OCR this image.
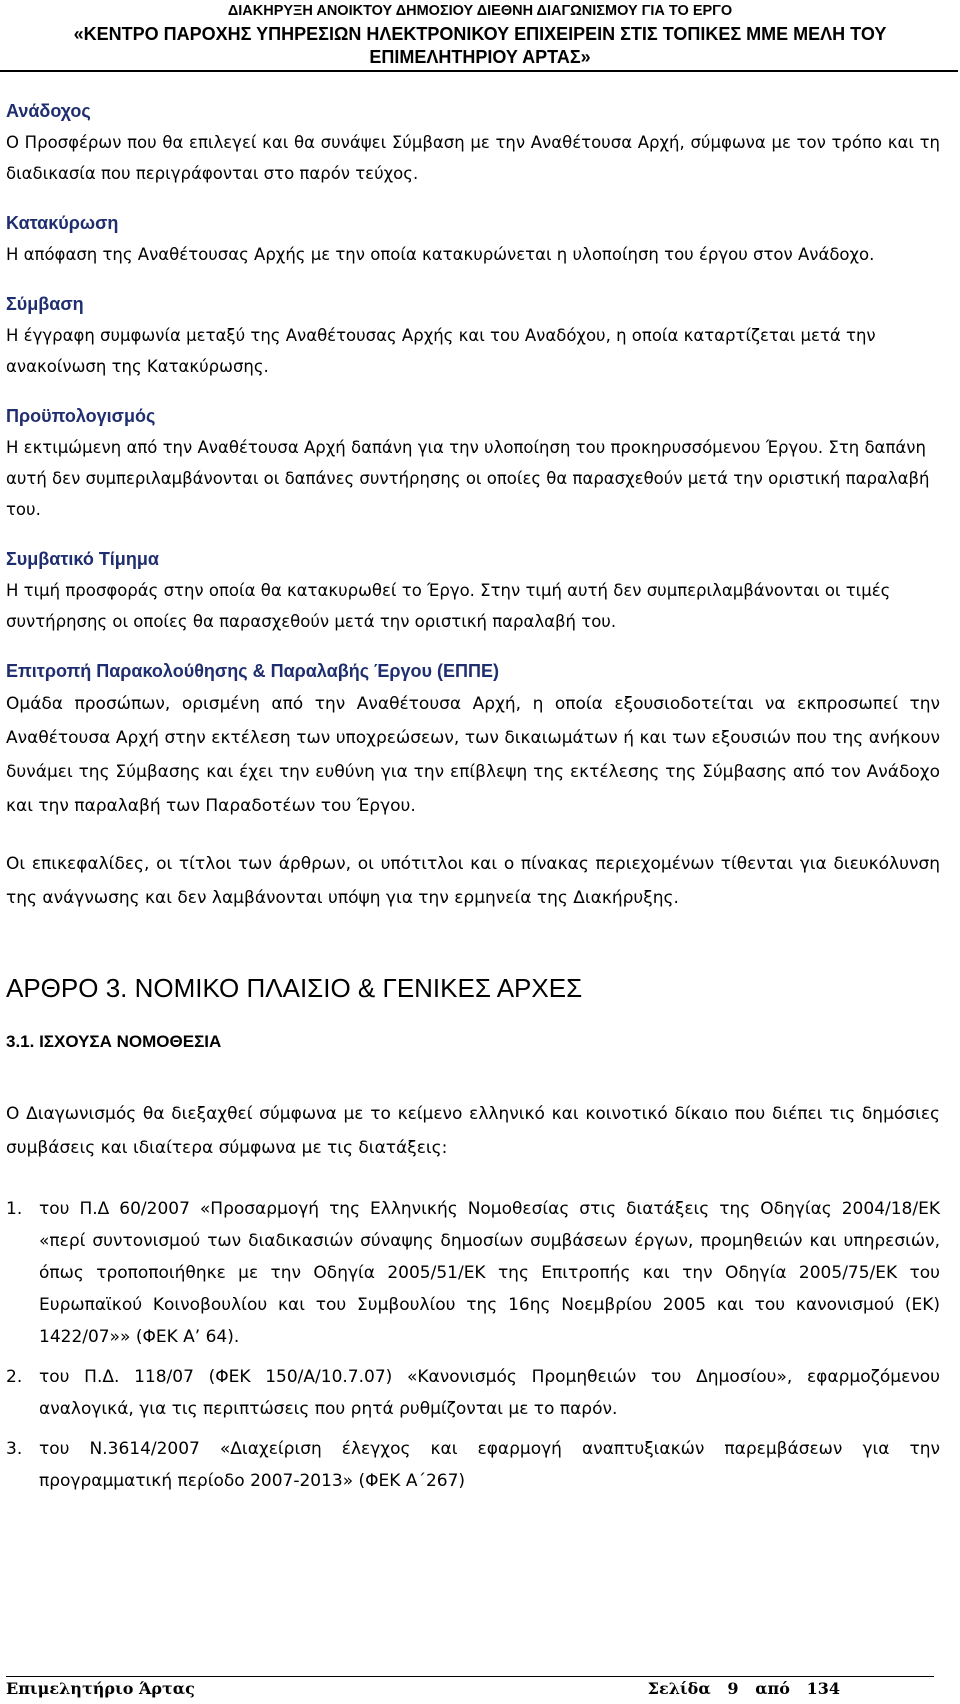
ΔΙΑΚΗΡΥΞΗ ΑΝΟΙΚΤΟΥ ΔΗΜΟΣΙΟΥ ΔΙΕΘΝΗ ΔΙΑΓΩΝΙΣΜΟΥ ΓΙΑ ΤΟ ΕΡΓΟ
«ΚΕΝΤΡΟ ΠΑΡΟΧΗΣ ΥΠΗΡΕΣΙΩΝ ΗΛΕΚΤΡΟΝΙΚΟΥ ΕΠΙΧΕΙΡΕΙΝ ΣΤΙΣ ΤΟΠΙΚΕΣ ΜΜΕ ΜΕΛΗ ΤΟΥ
ΕΠΙΜΕΛΗΤΗΡΙΟΥ ΑΡΤΑΣ»
Ανάδοχος
Ο Προσφέρων που θα επιλεγεί και θα συνάψει Σύμβαση με την Αναθέτουσα Αρχή, σύμφωνα με τον τρόπο και τη διαδικασία που περιγράφονται στο παρόν τεύχος.
Κατακύρωση
Η απόφαση της Αναθέτουσας Αρχής με την οποία κατακυρώνεται η υλοποίηση του έργου στον Ανάδοχο.
Σύμβαση
Η έγγραφη συμφωνία μεταξύ της Αναθέτουσας Αρχής και του Αναδόχου, η οποία καταρτίζεται μετά την ανακοίνωση της Κατακύρωσης.
Προϋπολογισμός
Η εκτιμώμενη από την Αναθέτουσα Αρχή δαπάνη για την υλοποίηση του προκηρυσσόμενου Έργου. Στη δαπάνη αυτή δεν συμπεριλαμβάνονται οι δαπάνες συντήρησης οι οποίες θα παρασχεθούν μετά την οριστική παραλαβή του.
Συμβατικό Τίμημα
Η τιμή προσφοράς στην οποία θα κατακυρωθεί το Έργο. Στην τιμή αυτή δεν συμπεριλαμβάνονται οι τιμές συντήρησης οι οποίες θα παρασχεθούν μετά την οριστική παραλαβή του.
Επιτροπή Παρακολούθησης & Παραλαβής Έργου (ΕΠΠΕ)
Ομάδα προσώπων, ορισμένη από την Αναθέτουσα Αρχή, η οποία εξουσιοδοτείται να εκπροσωπεί την Αναθέτουσα Αρχή στην εκτέλεση των υποχρεώσεων, των δικαιωμάτων ή και των εξουσιών που της ανήκουν δυνάμει της Σύμβασης και έχει την ευθύνη για την επίβλεψη της εκτέλεσης της Σύμβασης από τον Ανάδοχο και την παραλαβή των Παραδοτέων του Έργου.
Οι επικεφαλίδες, οι τίτλοι των άρθρων, οι υπότιτλοι και ο πίνακας περιεχομένων τίθενται για διευκόλυνση της ανάγνωσης και δεν λαμβάνονται υπόψη για την ερμηνεία της Διακήρυξης.
ΑΡΘΡΟ 3. ΝΟΜΙΚΟ ΠΛΑΙΣΙΟ & ΓΕΝΙΚΕΣ ΑΡΧΕΣ
3.1. ΙΣΧΟΥΣΑ ΝΟΜΟΘΕΣΙΑ
Ο Διαγωνισμός θα διεξαχθεί σύμφωνα με το κείμενο ελληνικό και κοινοτικό δίκαιο που διέπει τις δημόσιες συμβάσεις και ιδιαίτερα σύμφωνα με τις διατάξεις:
1. του Π.Δ 60/2007 «Προσαρμογή της Ελληνικής Νομοθεσίας στις διατάξεις της Οδηγίας 2004/18/ΕΚ «περί συντονισμού των διαδικασιών σύναψης δημοσίων συμβάσεων έργων, προμηθειών και υπηρεσιών, όπως τροποποιήθηκε με την Οδηγία 2005/51/ΕΚ της Επιτροπής και την Οδηγία 2005/75/ΕΚ του Ευρωπαϊκού Κοινοβουλίου και του Συμβουλίου της 16ης Νοεμβρίου 2005 και του κανονισμού (ΕΚ) 1422/07»» (ΦΕΚ Α’ 64).
2. του Π.Δ. 118/07 (ΦΕΚ 150/Α/10.7.07) «Κανονισμός Προμηθειών του Δημοσίου», εφαρμοζόμενου αναλογικά, για τις περιπτώσεις που ρητά ρυθμίζονται με το παρόν.
3. του Ν.3614/2007 «Διαχείριση έλεγχος και εφαρμογή αναπτυξιακών παρεμβάσεων για την προγραμματική περίοδο 2007-2013» (ΦΕΚ Α΄267)
Επιμελητήριο Άρτας	Σελίδα   9   από   134
